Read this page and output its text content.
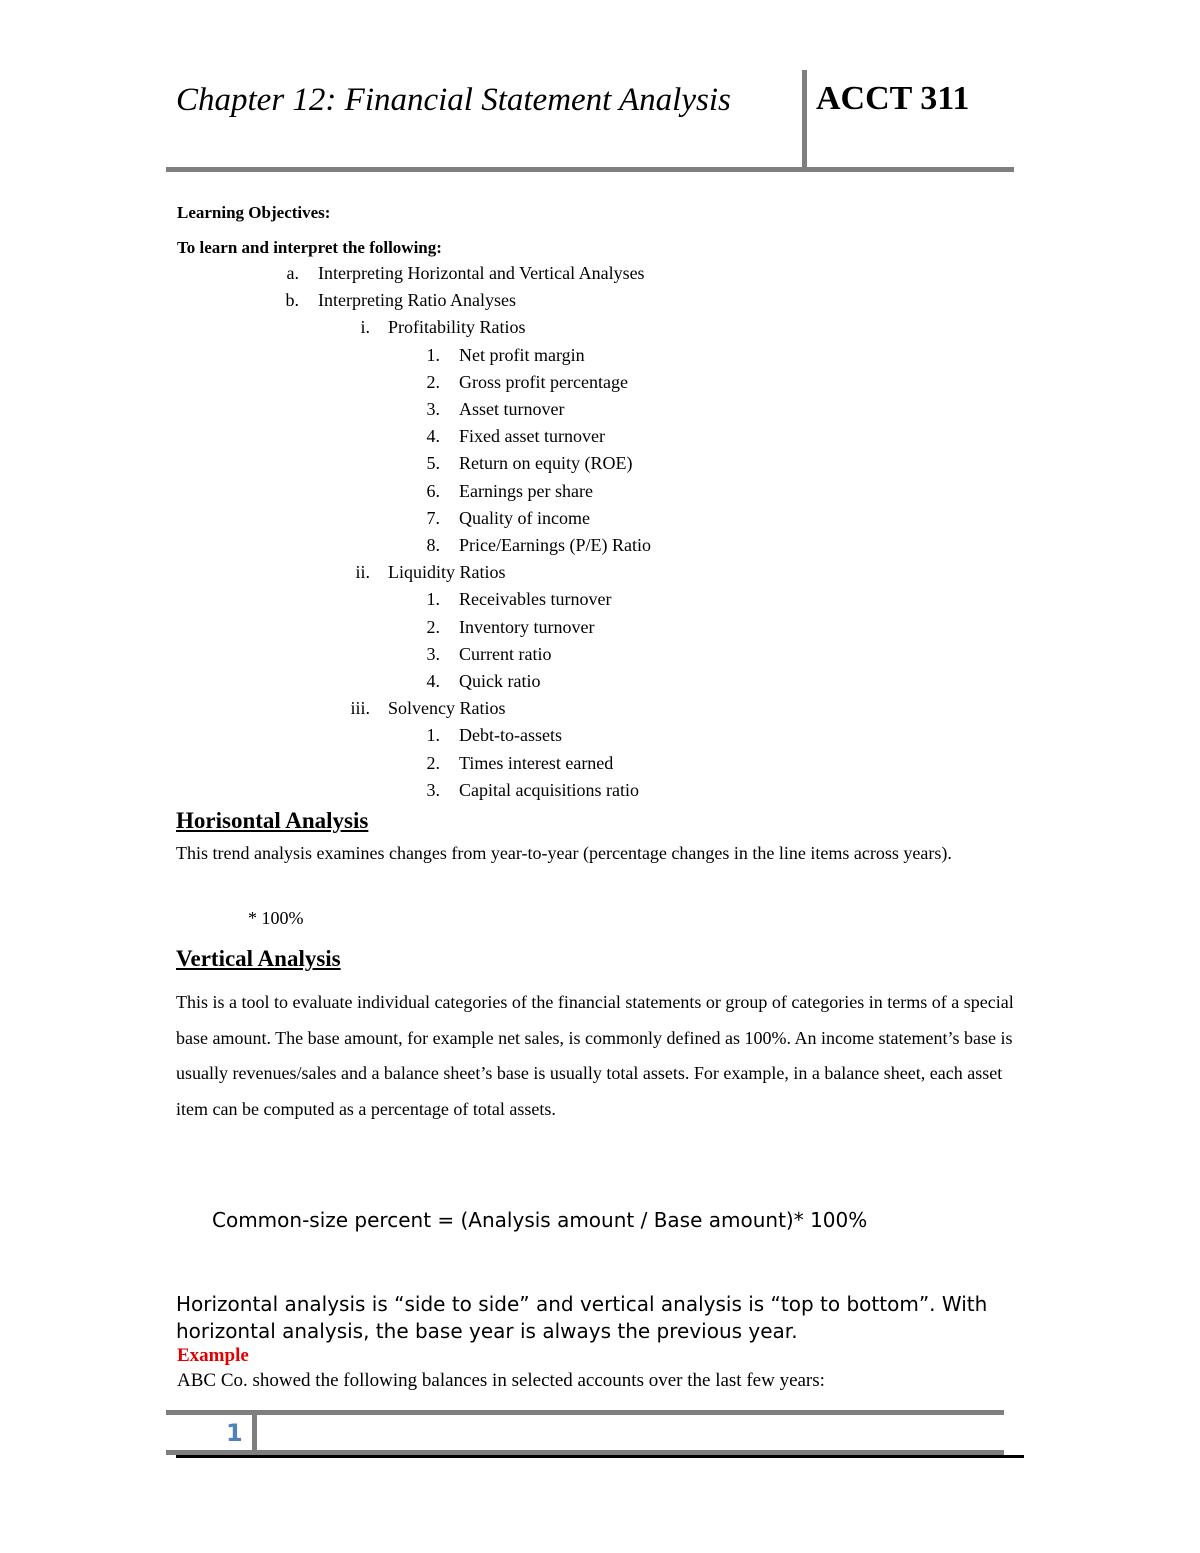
Chapter 12: Financial Statement Analysis	ACCT 311
Learning Objectives:
To learn and interpret the following:
a. Interpreting Horizontal and Vertical Analyses
b. Interpreting Ratio Analyses
i. Profitability Ratios
1. Net profit margin
2. Gross profit percentage
3. Asset turnover
4. Fixed asset turnover
5. Return on equity (ROE)
6. Earnings per share
7. Quality of income
8. Price/Earnings (P/E) Ratio
ii. Liquidity Ratios
1. Receivables turnover
2. Inventory turnover
3. Current ratio
4. Quick ratio
iii. Solvency Ratios
1. Debt-to-assets
2. Times interest earned
3. Capital acquisitions ratio
Horisontal Analysis
This trend analysis examines changes from year-to-year (percentage changes in the line items across years).
* 100%
Vertical Analysis
This is a tool to evaluate individual categories of the financial statements or group of categories in terms of a special base amount. The base amount, for example net sales, is commonly defined as 100%. An income statement’s base is usually revenues/sales and a balance sheet’s base is usually total assets. For example, in a balance sheet, each asset item can be computed as a percentage of total assets.
Common-size percent = (Analysis amount / Base amount)* 100%
Horizontal analysis is “side to side” and vertical analysis is “top to bottom”. With horizontal analysis, the base year is always the previous year.
Example
ABC Co. showed the following balances in selected accounts over the last few years:
1
